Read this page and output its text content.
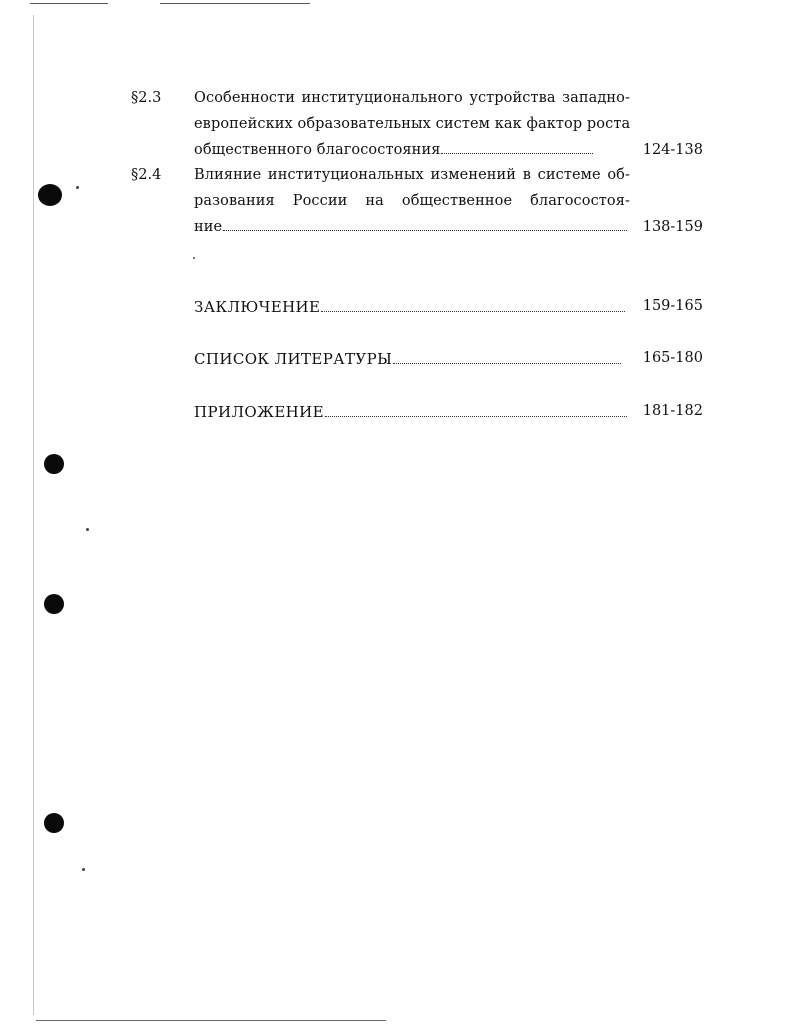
§2.3 Особенности институционального устройства западно-
европейских образовательных систем как фактор роста
общественного благосостояния	124-138
§2.4 Влияние институциональных изменений в системе об-
разования России на общественное благосостоя-
ние	138-159
ЗАКЛЮЧЕНИЕ	159-165
СПИСОК ЛИТЕРАТУРЫ	165-180
ПРИЛОЖЕНИЕ	181-182
